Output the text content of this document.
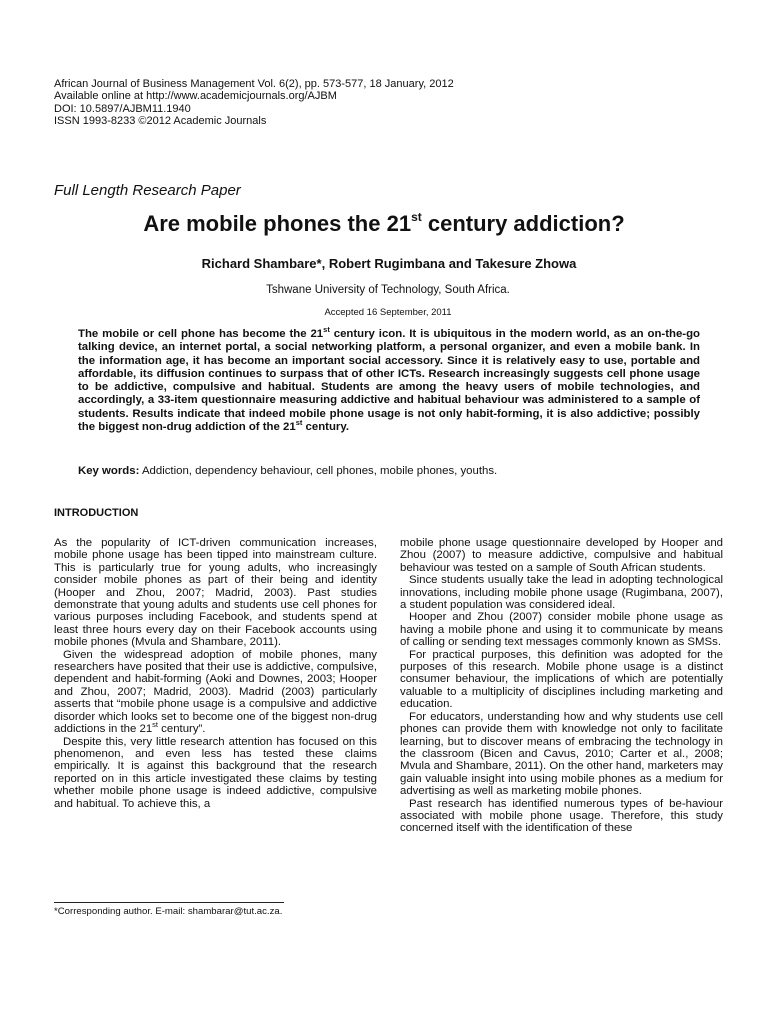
African Journal of Business Management Vol. 6(2), pp. 573-577, 18 January, 2012
Available online at http://www.academicjournals.org/AJBM
DOI: 10.5897/AJBM11.1940
ISSN 1993-8233 ©2012 Academic Journals
Full Length Research Paper
Are mobile phones the 21st century addiction?
Richard Shambare*, Robert Rugimbana and Takesure Zhowa
Tshwane University of Technology, South Africa.
Accepted 16 September, 2011

The mobile or cell phone has become the 21st century icon. It is ubiquitous in the modern world, as an on-the-go talking device, an internet portal, a social networking platform, a personal organizer, and even a mobile bank. In the information age, it has become an important social accessory. Since it is relatively easy to use, portable and affordable, its diffusion continues to surpass that of other ICTs. Research increasingly suggests cell phone usage to be addictive, compulsive and habitual. Students are among the heavy users of mobile technologies, and accordingly, a 33-item questionnaire measuring addictive and habitual behaviour was administered to a sample of students. Results indicate that indeed mobile phone usage is not only habit-forming, it is also addictive; possibly the biggest non-drug addiction of the 21st century.

Key words: Addiction, dependency behaviour, cell phones, mobile phones, youths.
INTRODUCTION

As the popularity of ICT-driven communication increases, mobile phone usage has been tipped into mainstream culture. This is particularly true for young adults, who increasingly consider mobile phones as part of their being and identity (Hooper and Zhou, 2007; Madrid, 2003). Past studies demonstrate that young adults and students use cell phones for various purposes including Facebook, and students spend at least three hours every day on their Facebook accounts using mobile phones (Mvula and Shambare, 2011).

Given the widespread adoption of mobile phones, many researchers have posited that their use is addictive, compulsive, dependent and habit-forming (Aoki and Downes, 2003; Hooper and Zhou, 2007; Madrid, 2003). Madrid (2003) particularly asserts that “mobile phone usage is a compulsive and addictive disorder which looks set to become one of the biggest non-drug addictions in the 21st century”.

Despite this, very little research attention has focused on this phenomenon, and even less has tested these claims empirically. It is against this background that the research reported on in this article investigated these claims by testing whether mobile phone usage is indeed addictive, compulsive and habitual. To achieve this, a

mobile phone usage questionnaire developed by Hooper and Zhou (2007) to measure addictive, compulsive and habitual behaviour was tested on a sample of South African students.

Since students usually take the lead in adopting technological innovations, including mobile phone usage (Rugimbana, 2007), a student population was considered ideal.

Hooper and Zhou (2007) consider mobile phone usage as having a mobile phone and using it to communicate by means of calling or sending text messages commonly known as SMSs.

For practical purposes, this definition was adopted for the purposes of this research. Mobile phone usage is a distinct consumer behaviour, the implications of which are potentially valuable to a multiplicity of disciplines including marketing and education.

For educators, understanding how and why students use cell phones can provide them with knowledge not only to facilitate learning, but to discover means of embracing the technology in the classroom (Bicen and Cavus, 2010; Carter et al., 2008; Mvula and Shambare, 2011). On the other hand, marketers may gain valuable insight into using mobile phones as a medium for advertising as well as marketing mobile phones.

Past research has identified numerous types of be-haviour associated with mobile phone usage. Therefore, this study concerned itself with the identification of these

*Corresponding author. E-mail: shambarar@tut.ac.za.
